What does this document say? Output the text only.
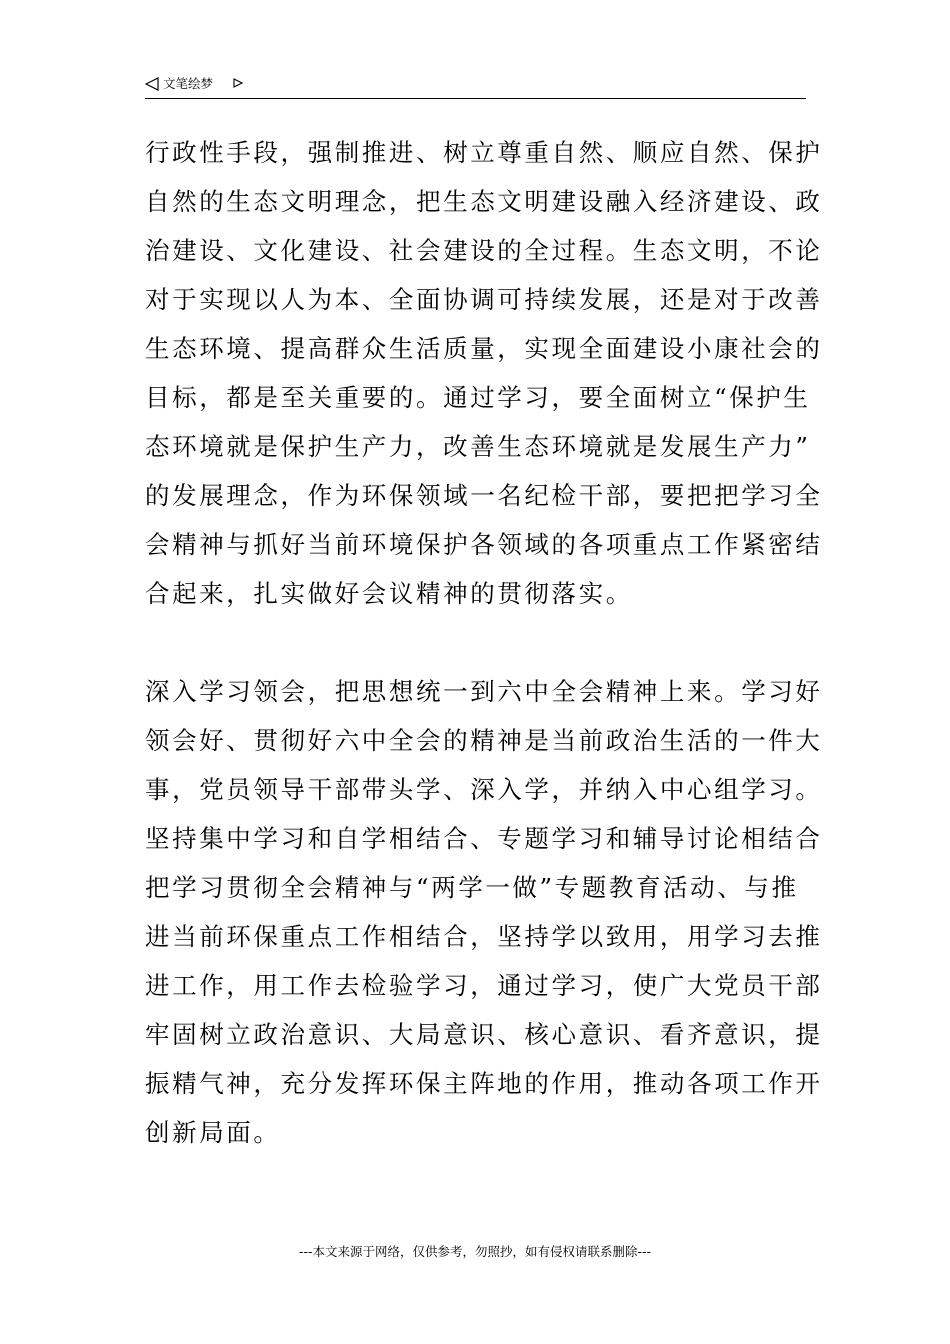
文笔绘梦
行政性手段，强制推进、树立尊重自然、顺应自然、保护
自然的生态文明理念，把生态文明建设融入经济建设、政
治建设、文化建设、社会建设的全过程。生态文明，不论
对于实现以人为本、全面协调可持续发展，还是对于改善
生态环境、提高群众生活质量，实现全面建设小康社会的
目标，都是至关重要的。通过学习，要全面树立“保护生
态环境就是保护生产力，改善生态环境就是发展生产力”
的发展理念，作为环保领域一名纪检干部，要把把学习全
会精神与抓好当前环境保护各领域的各项重点工作紧密结
合起来，扎实做好会议精神的贯彻落实。
深入学习领会，把思想统一到六中全会精神上来。学习好
领会好、贯彻好六中全会的精神是当前政治生活的一件大
事，党员领导干部带头学、深入学，并纳入中心组学习。
坚持集中学习和自学相结合、专题学习和辅导讨论相结合
把学习贯彻全会精神与“两学一做”专题教育活动、与推
进当前环保重点工作相结合，坚持学以致用，用学习去推
进工作，用工作去检验学习，通过学习，使广大党员干部
牢固树立政治意识、大局意识、核心意识、看齐意识，提
振精气神，充分发挥环保主阵地的作用，推动各项工作开
创新局面。
---本文来源于网络，仅供参考，勿照抄，如有侵权请联系删除---
